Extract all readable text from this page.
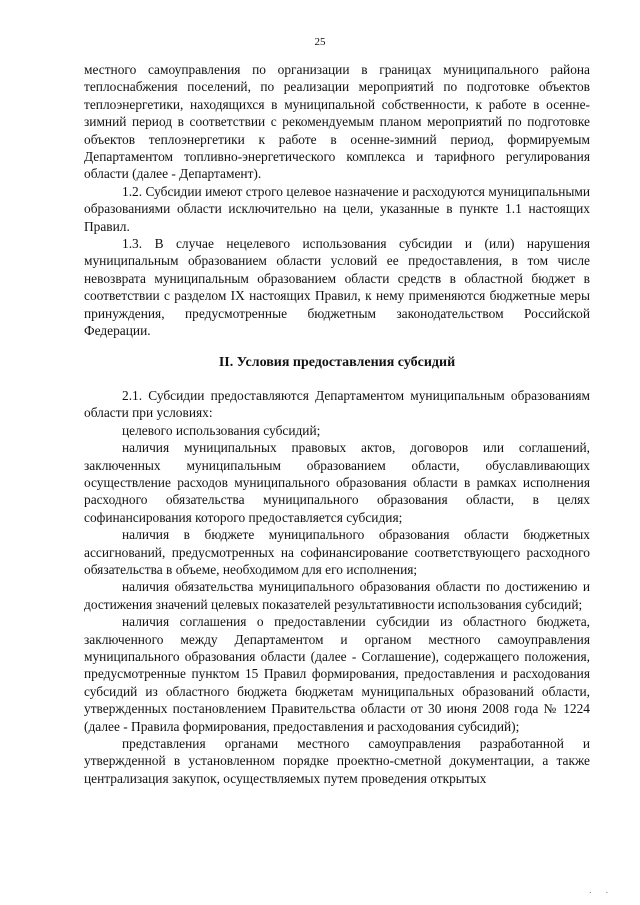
25

местного самоуправления по организации в границах муниципального района теплоснабжения поселений, по реализации мероприятий по подготовке объектов теплоэнергетики, находящихся в муниципальной собственности, к работе в осенне-зимний период в соответствии с рекомендуемым планом мероприятий по подготовке объектов теплоэнергетики к работе в осенне-зимний период, формируемым Департаментом топливно-энергетического комплекса и тарифного регулирования области (далее - Департамент).

1.2. Субсидии имеют строго целевое назначение и расходуются муниципальными образованиями области исключительно на цели, указанные в пункте 1.1 настоящих Правил.

1.3. В случае нецелевого использования субсидии и (или) нарушения муниципальным образованием области условий ее предоставления, в том числе невозврата муниципальным образованием области средств в областной бюджет в соответствии с разделом IX настоящих Правил, к нему применяются бюджетные меры принуждения, предусмотренные бюджетным законодательством Российской Федерации.

II. Условия предоставления субсидий

2.1. Субсидии предоставляются Департаментом муниципальным образованиям области при условиях:

целевого использования субсидий;

наличия муниципальных правовых актов, договоров или соглашений, заключенных муниципальным образованием области, обуславливающих осуществление расходов муниципального образования области в рамках исполнения расходного обязательства муниципального образования области, в целях софинансирования которого предоставляется субсидия;

наличия в бюджете муниципального образования области бюджетных ассигнований, предусмотренных на софинансирование соответствующего расходного обязательства в объеме, необходимом для его исполнения;

наличия обязательства муниципального образования области по достижению и достижения значений целевых показателей результативности использования субсидий;

наличия соглашения о предоставлении субсидии из областного бюджета, заключенного между Департаментом и органом местного самоуправления муниципального образования области (далее - Соглашение), содержащего положения, предусмотренные пунктом 15 Правил формирования, предоставления и расходования субсидий из областного бюджета бюджетам муниципальных образований области, утвержденных постановлением Правительства области от 30 июня 2008 года № 1224 (далее - Правила формирования, предоставления и расходования субсидий);

представления органами местного самоуправления разработанной и утвержденной в установленном порядке проектно-сметной документации, а также централизация закупок, осуществляемых путем проведения открытых

. .
